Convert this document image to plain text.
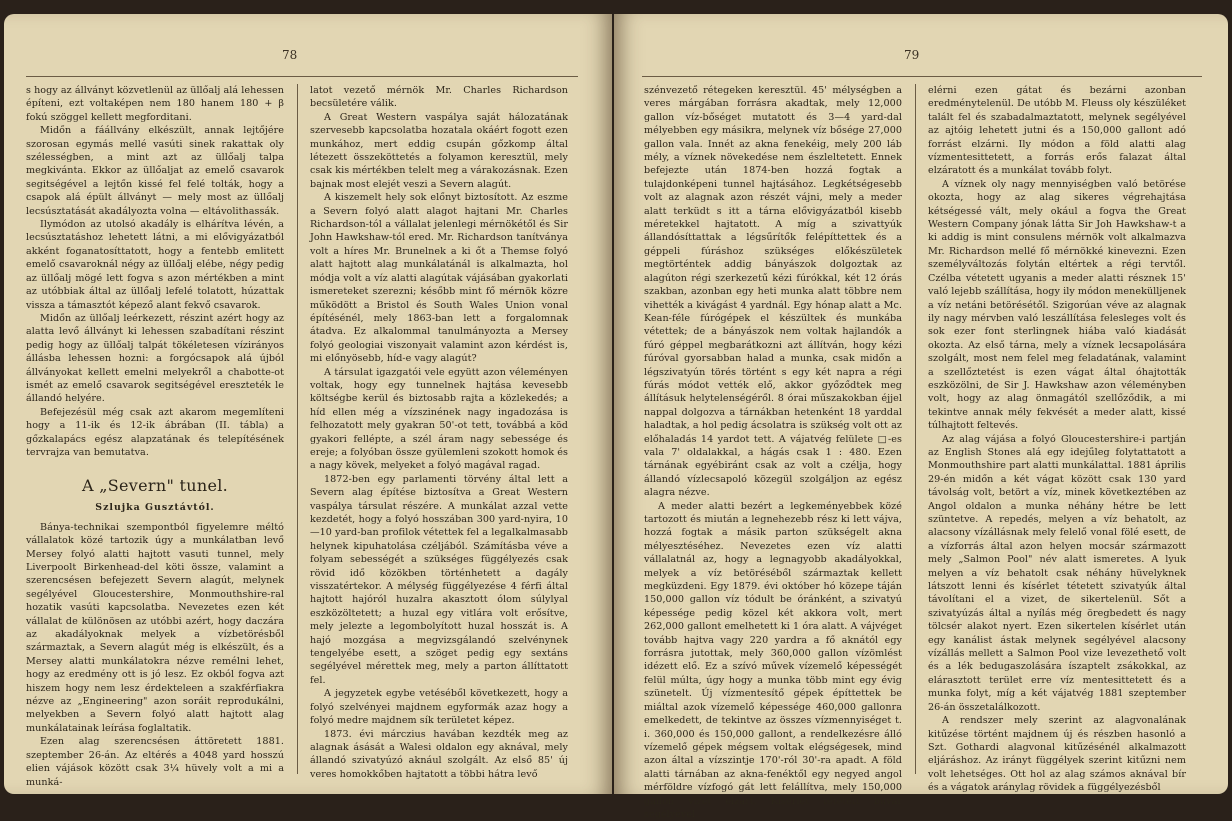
78

s hogy az állványt közvetlenül az üllőalj alá lehessen építeni, ezt voltaképen nem 180 hanem 180 + β fokú szöggel kellett megforditani.

Midőn a fáállvány elkészült, annak lejtőjére szorosan egymás mellé vasúti sinek rakattak oly szélességben, a mint azt az üllőalj talpa megkivánta. Ekkor az üllőaljat az emelő csavarok segitségével a lejtőn kissé fel felé tolták, hogy a csapok alá épült állványt — mely most az üllőalj lecsúsztatását akadályozta volna — eltávolithassák.

Ilymódon az utolsó akadály is elhárítva lévén, a lecsúsztatáshoz lehetett látni, a mi elővigyázatból akként foganatosíttatott, hogy a fentebb emlitett emelő csavaroknál négy az üllőalj elébe, négy pedig az üllőalj mögé lett fogva s azon mértékben a mint az utóbbiak által az üllőalj lefelé tolatott, húzattak vissza a támasztót képező alant fekvő csavarok.

Midőn az üllőalj leérkezett, részint azért hogy az alatta levő állványt ki lehessen szabadítani részint pedig hogy az üllőalj talpát tökéletesen vízirányos állásba lehessen hozni: a forgócsapok alá újból állványokat kellett emelni melyekről a chabotte-ot ismét az emelő csavarok segitségével ereszteték le állandó helyére.

Befejezésül még csak azt akarom megemlíteni hogy a 11-ik és 12-ik ábrában (II. tábla) a gőzkalapács egész alapzatának és telepítésének tervrajza van bemutatva.

A „Severn" tunel.
Szlujka Gusztávtól.

Bánya-technikai szempontból figyelemre méltó vállalatok közé tartozik úgy a munkálatban levő Mersey folyó alatti hajtott vasuti tunnel, mely Liverpoolt Birkenhead-del köti össze, valamint a szerencsésen befejezett Severn alagút, melynek segélyével Gloucestershire, Monmouthshire-ral hozatik vasúti kapcsolatba. Nevezetes ezen két vállalat de különösen az utóbbi azért, hogy daczára az akadályoknak melyek a vízbetörésből származtak, a Severn alagút még is elkészült, és a Mersey alatti munkálatokra nézve remélni lehet, hogy az eredmény ott is jó lesz. Ez okból fogva azt hiszem hogy nem lesz érdekteleen a szakférfiakra nézve az „Engineering" azon soráit reprodukálni, melyekben a Severn folyó alatt hajtott alag munkálatainak leírása foglaltatik.

Ezen alag szerencsésen áttöretett 1881. szeptember 26-án. Az eltérés a 4048 yard hosszú elien vájások között csak 3¼ hüvely volt a mi a munká-

latot vezető mérnök Mr. Charles Richardson becsületére válik.

A Great Western vaspálya saját hálozatának szervesebb kapcsolatba hozatala okáért fogott ezen munkához, mert eddig csupán gőzkomp által létezett összeköttetés a folyamon keresztül, mely csak kis mértékben telelt meg a várakozásnak. Ezen bajnak most elejét veszi a Severn alagút.

A kiszemelt hely sok előnyt biztosított. Az eszme a Severn folyó alatt alagot hajtani Mr. Charles Richardson-tól a vállalat jelenlegi mérnökétől és Sir John Hawkshaw-tól ered. Mr. Richardson tanítványa volt a híres Mr. Brunelnek a ki őt a Themse folyó alatt hajtott alag munkálatánál is alkalmazta, hol módja volt a víz alatti alagútak vájásában gyakorlati ismereteket szerezni; később mint fő mérnök közre működött a Bristol és South Wales Union vonal építésénél, mely 1863-ban lett a forgalomnak átadva. Ez alkalommal tanulmányozta a Mersey folyó geologiai viszonyait valamint azon kérdést is, mi előnyösebb, híd-e vagy alagút?

A társulat igazgatói vele együtt azon véleményen voltak, hogy egy tunnelnek hajtása kevesebb költségbe kerül és biztosabb rajta a közlekedés; a híd ellen még a vízszinének nagy ingadozása is felhozatott mely gyakran 50'-ot tett, továbbá a köd gyakori fellépte, a szél áram nagy sebessége és ereje; a folyóban össze gyülemleni szokott homok és a nagy kövek, melyeket a folyó magával ragad.

1872-ben egy parlamenti törvény által lett a Severn alag építése biztosítva a Great Western vaspálya társulat részére. A munkálat azzal vette kezdetét, hogy a folyó hosszában 300 yard-nyira, 10—10 yard-ban profilok vétettek fel a legalkalmasabb helynek kipuhatolása czéljából. Számításba véve a folyam sebességét a szükséges függélyezés csak rövid idő közökben történhetett a dagály visszatértekor. A mélység függélyezése 4 férfi által hajtott hajóról huzalra akasztott ólom súlylyal eszközöltetett; a huzal egy vitlára volt erősítve, mely jelezte a legombolyított huzal hosszát is. A hajó mozgása a megvizsgálandó szelvénynek tengelyébe esett, a szöget pedig egy sextáns segélyével mérettek meg, mely a parton állíttatott fel.

A jegyzetek egybe vetéséből következett, hogy a folyó szelvényei majdnem egyformák azaz hogy a folyó medre majdnem sík területet képez.

1873. évi márczius havában kezdték meg az alagnak ásását a Walesi oldalon egy aknával, mely állandó szivatyúzó aknául szolgált. Az első 85' új veres homokkőben hajtatott a többi hátra levő

79

szénvezető rétegeken keresztül. 45' mélységben a veres márgában forrásra akadtak, mely 12,000 gallon víz-bőséget mutatott és 3—4 yard-dal mélyebben egy másikra, melynek víz bősége 27,000 gallon vala. Innét az akna fenekéig, mely 200 láb mély, a víznek növekedése nem észleltetett. Ennek befejezte után 1874-ben hozzá fogtak a tulajdonképeni tunnel hajtásához. Legkétségesebb volt az alagnak azon részét vájni, mely a meder alatt terküdt s itt a tárna elővigyázatból kisebb méretekkel hajtatott. A míg a szivattyúk állandósíttattak a légsűrítők felépíttettek és a géppeli fúráshoz szükséges előkészületek megtörténtek addig bányászok dolgoztak az alagúton régi szerkezetű kézi fúrókkal, két 12 órás szakban, azonban egy heti munka alatt többre nem vihették a kivágást 4 yardnál. Egy hónap alatt a Mc. Kean-féle fúrógépek el készültek és munkába vétettek; de a bányászok nem voltak hajlandók a fúró géppel megbarátkozni azt állítván, hogy kézi fúróval gyorsabban halad a munka, csak midőn a légszivatyún törés történt s egy két napra a régi fúrás módot vették elő, akkor győződtek meg állításuk helytelenségéről. 8 órai műszakokban éjjel nappal dolgozva a tárnákban hetenként 18 yarddal haladtak, a hol pedig ácsolatra is szükség volt ott az előhaladás 14 yardot tett. A vájatvég felülete □-es vala 7' oldalakkal, a hágás csak 1 : 480. Ezen tárnának egyébiránt csak az volt a czélja, hogy állandó vízlecsapoló közegül szolgáljon az egész alagra nézve.

A meder alatti bezért a legkeményebbek közé tartozott és miután a legnehezebb rész ki lett vájva, hozzá fogtak a másik parton szükségelt akna mélyesztéséhez. Nevezetes ezen víz alatti vállalatnál az, hogy a legnagyobb akadályokkal, melyek a víz betöréséből származtak kellett megküzdeni. Egy 1879. évi október hó közepe táján 150,000 gallon víz tódult be óránként, a szivatyú képessége pedig közel két akkora volt, mert 262,000 gallont emelhetett ki 1 óra alatt. A vájvéget tovább hajtva vagy 220 yardra a fő aknától egy forrásra jutottak, mely 360,000 gallon vízömlést idézett elő. Ez a szívó művek vízemelő képességét felül múlta, úgy hogy a munka több mint egy évig szünetelt. Új vízmentesítő gépek építtettek be miáltal azok vízemelő képessége 460,000 gallonra emelkedett, de tekintve az összes vízmennyiséget t. i. 360,000 és 150,000 gallont, a rendelkezésre álló vízemelő gépek mégsem voltak elégségesek, mind azon által a vízszintje 170'-ról 30'-ra apadt. A föld alatti tárnában az akna-fenéktől egy negyed angol mérföldre vízfogó gát lett felállítva, mely 150,000 gallon vizet elzárt. Kisérlet tétetett buvár segélyével

elérni ezen gátat és bezárni azonban eredménytelenül. De utóbb M. Fleuss oly készüléket talált fel és szabadalmaztatott, melynek segélyével az ajtóig lehetett jutni és a 150,000 gallont adó forrást elzárni. Ily módon a föld alatti alag vízmentesittetett, a forrás erős falazat által elzáratott és a munkálat tovább folyt.

A víznek oly nagy mennyiségben való betörése okozta, hogy az alag sikeres végrehajtása kétségessé vált, mely okául a fogva the Great Western Company jónak látta Sir Joh Hawkshaw-t a ki addig is mint consulens mérnök volt alkalmazva Mr. Richardson mellé fő mérnökké kinevezni. Ezen személyváltozás folytán eltértek a régi tervtől. Czélba vétetett ugyanis a meder alatti résznek 15' való lejebb szállítása, hogy ily módon menekülljenek a víz netáni betörésétől. Szigorúan véve az alagnak ily nagy mérvben való leszállítása felesleges volt és sok ezer font sterlingnek hiába való kiadását okozta. Az első tárna, mely a víznek lecsapolására szolgált, most nem felel meg feladatának, valamint a szellőztetést is ezen vágat által óhajtották eszközölni, de Sir J. Hawkshaw azon véleményben volt, hogy az alag önmagától szellőződik, a mi tekintve annak mély fekvését a meder alatt, kissé túlhajtott feltevés.

Az alag vájása a folyó Gloucestershire-i partján az English Stones alá egy idejűleg folytattatott a Monmouthshire part alatti munkálattal. 1881 április 29-én midőn a két vágat között csak 130 yard távolság volt, betört a víz, minek következtében az Angol oldalon a munka néhány hétre be lett szüntetve. A repedés, melyen a víz behatolt, az alacsony vízállásnak mely felelő vonal fölé esett, de a vízforrás által azon helyen mocsár származott mely „Salmon Pool" név alatt ismeretes. A lyuk melyen a víz behatolt csak néhány hüvelyknek látszott lenni és kísérlet tétetett szivatyúk által távolítani el a vizet, de sikertelenül. Sőt a szivatyúzás által a nyílás még öregbedett és nagy tölcsér alakot nyert. Ezen sikertelen kísérlet után egy kanálist ástak melynek segélyével alacsony vízállás mellett a Salmon Pool vize levezethető volt és a lék bedugaszolására íszaptelt zsákokkal, az elárasztott terület erre víz mentesittetett és a munka folyt, míg a két vájatvég 1881 szeptember 26-án összetalálkozott.

A rendszer mely szerint az alagvonalának kitűzése történt majdnem új és részben hasonló a Szt. Gothardi alagvonal kitűzésénél alkalmazott eljáráshoz. Az irányt függélyek szerint kitűzni nem volt lehetséges. Ott hol az alag számos aknával bír és a vágatok aránylag rövidek a függélyezésből
